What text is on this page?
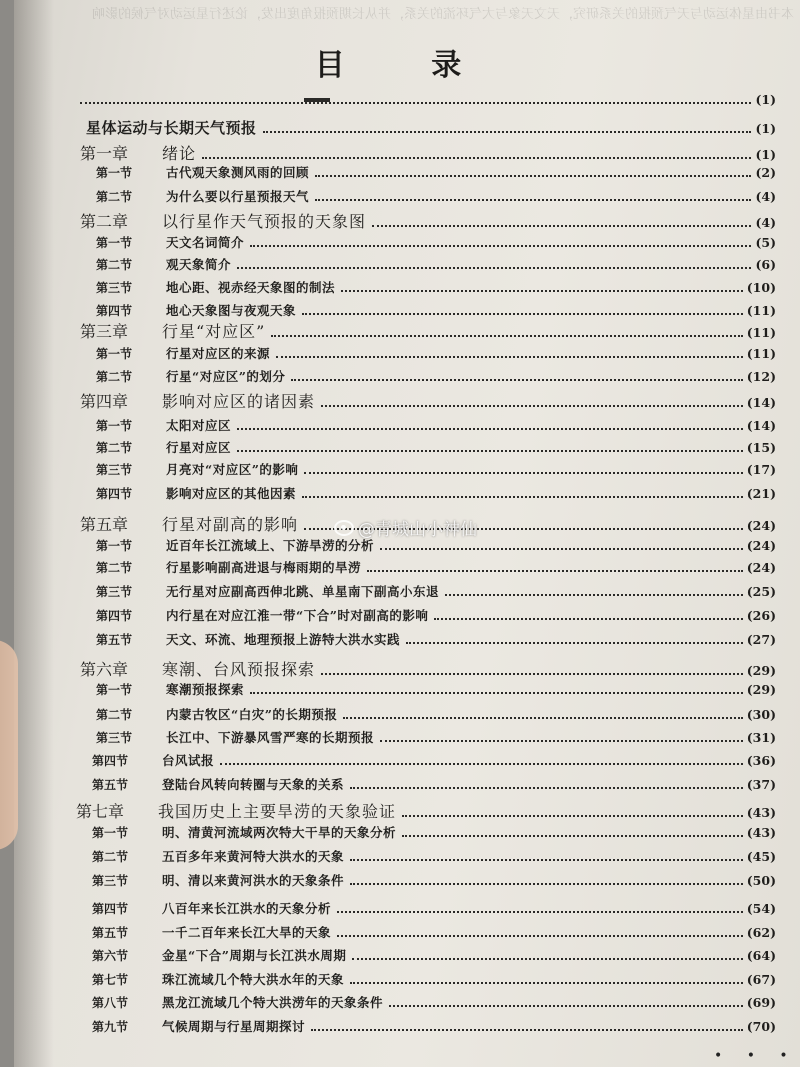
本书由星体运动与天气预报的关系研究，天文天象与大气环流的关系，并从长期预报角度出发，论述行星运动对气候的影响
目 录
(1)
星体运动与长期天气预报	(1)
第一章	绪论	(1)
第一节	古代观天象测风雨的回顾	(2)
第二节	为什么要以行星预报天气	(4)
第二章	以行星作天气预报的天象图	(4)
第一节	天文名词简介	(5)
第二节	观天象简介	(6)
第三节	地心距、视赤经天象图的制法	(10)
第四节	地心天象图与夜观天象	(11)
第三章	行星“对应区”	(11)
第一节	行星对应区的来源	(11)
第二节	行星“对应区”的划分	(12)
第四章	影响对应区的诸因素	(14)
第一节	太阳对应区	(14)
第二节	行星对应区	(15)
第三节	月亮对“对应区”的影响	(17)
第四节	影响对应区的其他因素	(21)
第五章	行星对副高的影响	(24)
第一节	近百年长江流域上、下游旱涝的分析	(24)
第二节	行星影响副高进退与梅雨期的旱涝	(24)
第三节	无行星对应副高西伸北跳、单星南下副高小东退	(25)
第四节	内行星在对应江淮一带“下合”时对副高的影响	(26)
第五节	天文、环流、地理预报上游特大洪水实践	(27)
第六章	寒潮、台风预报探索	(29)
第一节	寒潮预报探索	(29)
第二节	内蒙古牧区“白灾”的长期预报	(30)
第三节	长江中、下游暴风雪严寒的长期预报	(31)
第四节	台风试报	(36)
第五节	登陆台风转向转圈与天象的关系	(37)
第七章	我国历史上主要旱涝的天象验证	(43)
第一节	明、清黄河流域两次特大干旱的天象分析	(43)
第二节	五百多年来黄河特大洪水的天象	(45)
第三节	明、清以来黄河洪水的天象条件	(50)
第四节	八百年来长江洪水的天象分析	(54)
第五节	一千二百年来长江大旱的天象	(62)
第六节	金星“下合”周期与长江洪水周期	(64)
第七节	珠江流域几个特大洪水年的天象	(67)
第八节	黑龙江流域几个特大洪涝年的天象条件	(69)
第九节	气候周期与行星周期探讨	(70)
@青城山小神仙
• • •
